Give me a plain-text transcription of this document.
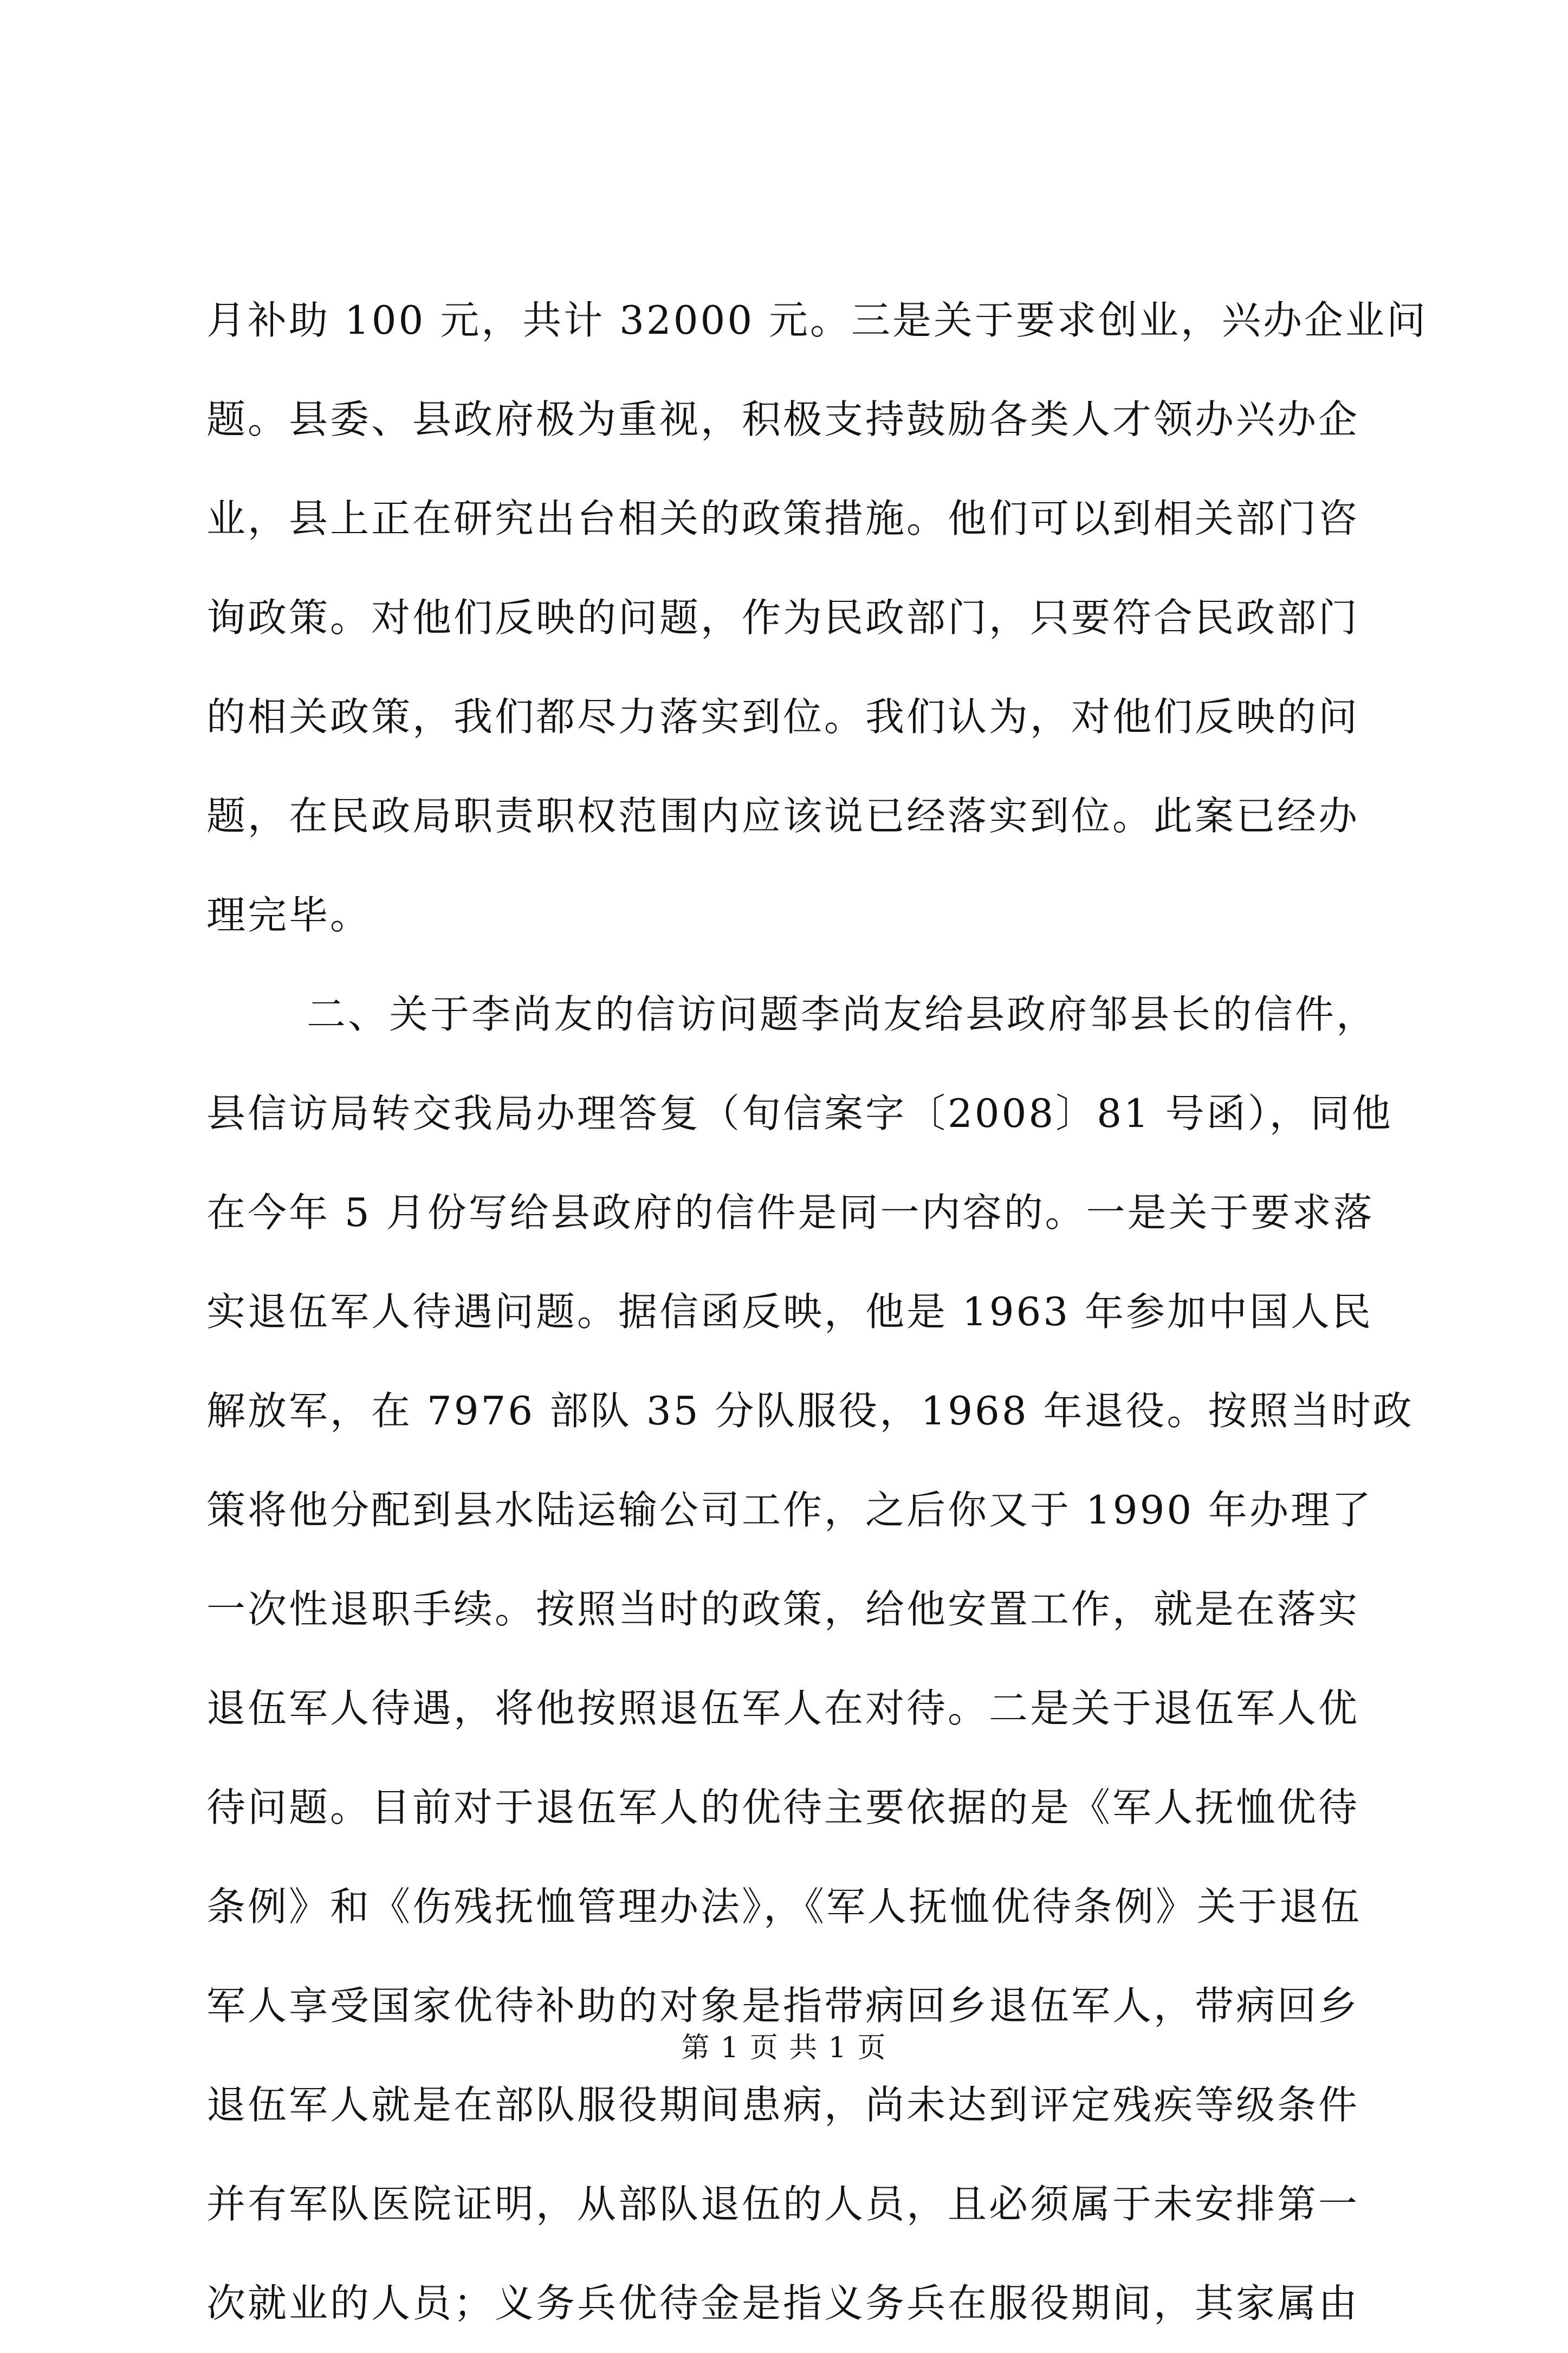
月补助 100 元，共计 32000 元。三是关于要求创业，兴办企业问
题。县委、县政府极为重视，积极支持鼓励各类人才领办兴办企
业，县上正在研究出台相关的政策措施。他们可以到相关部门咨
询政策。对他们反映的问题，作为民政部门，只要符合民政部门
的相关政策，我们都尽力落实到位。我们认为，对他们反映的问
题，在民政局职责职权范围内应该说已经落实到位。此案已经办
理完毕。
二、关于李尚友的信访问题李尚友给县政府邹县长的信件，
县信访局转交我局办理答复（旬信案字〔2008〕81 号函），同他
在今年 5 月份写给县政府的信件是同一内容的。一是关于要求落
实退伍军人待遇问题。据信函反映，他是 1963 年参加中国人民
解放军，在 7976 部队 35 分队服役，1968 年退役。按照当时政
策将他分配到县水陆运输公司工作，之后你又于 1990 年办理了
一次性退职手续。按照当时的政策，给他安置工作，就是在落实
退伍军人待遇，将他按照退伍军人在对待。二是关于退伍军人优
待问题。目前对于退伍军人的优待主要依据的是《军人抚恤优待
条例》和《伤残抚恤管理办法》，《军人抚恤优待条例》关于退伍
军人享受国家优待补助的对象是指带病回乡退伍军人，带病回乡
退伍军人就是在部队服役期间患病，尚未达到评定残疾等级条件
并有军队医院证明，从部队退伍的人员，且必须属于未安排第一
次就业的人员；义务兵优待金是指义务兵在服役期间，其家属由
第 1 页 共 1 页
